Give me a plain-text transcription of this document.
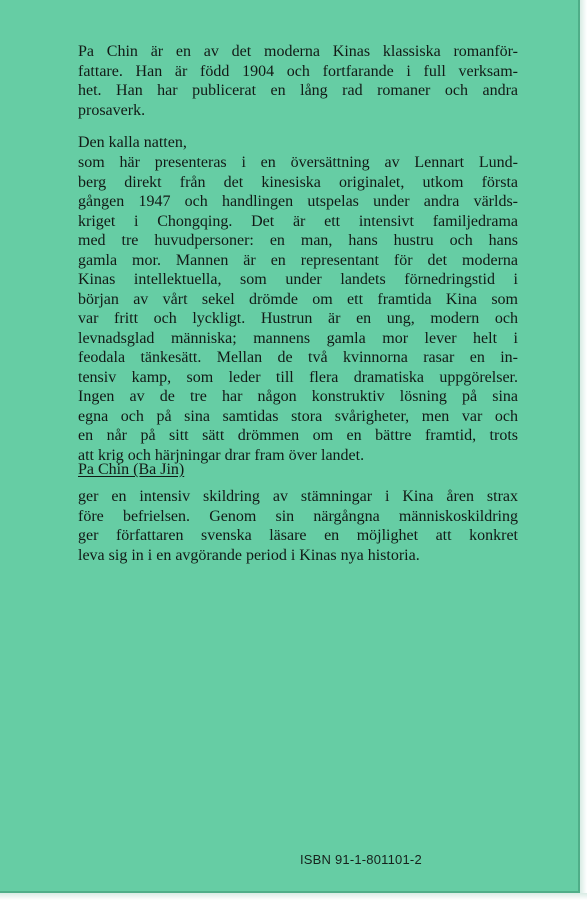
Pa Chin är en av det moderna Kinas klassiska romanför-

fattare. Han är född 1904 och fortfarande i full verksam-

het. Han har publicerat en lång rad romaner och andra

prosaverk.

Den kalla natten,

som här presenteras i en översättning av Lennart Lund-

berg direkt från det kinesiska originalet, utkom första

gången 1947 och handlingen utspelas under andra världs-

kriget i Chongqing. Det är ett intensivt familjedrama

med tre huvudpersoner: en man, hans hustru och hans

gamla mor. Mannen är en representant för det moderna

Kinas intellektuella, som under landets förnedringstid i

början av vårt sekel drömde om ett framtida Kina som

var fritt och lyckligt. Hustrun är en ung, modern och

levnadsglad människa; mannens gamla mor lever helt i

feodala tänkesätt. Mellan de två kvinnorna rasar en in-

tensiv kamp, som leder till flera dramatiska uppgörelser.

Ingen av de tre har någon konstruktiv lösning på sina

egna och på sina samtidas stora svårigheter, men var och

en når på sitt sätt drömmen om en bättre framtid, trots

att krig och härjningar drar fram över landet.

Pa Chin (Ba Jin)

ger en intensiv skildring av stämningar i Kina åren strax

före befrielsen. Genom sin närgångna människoskildring

ger författaren svenska läsare en möjlighet att konkret

leva sig in i en avgörande period i Kinas nya historia.

ISBN 91-1-801101-2
